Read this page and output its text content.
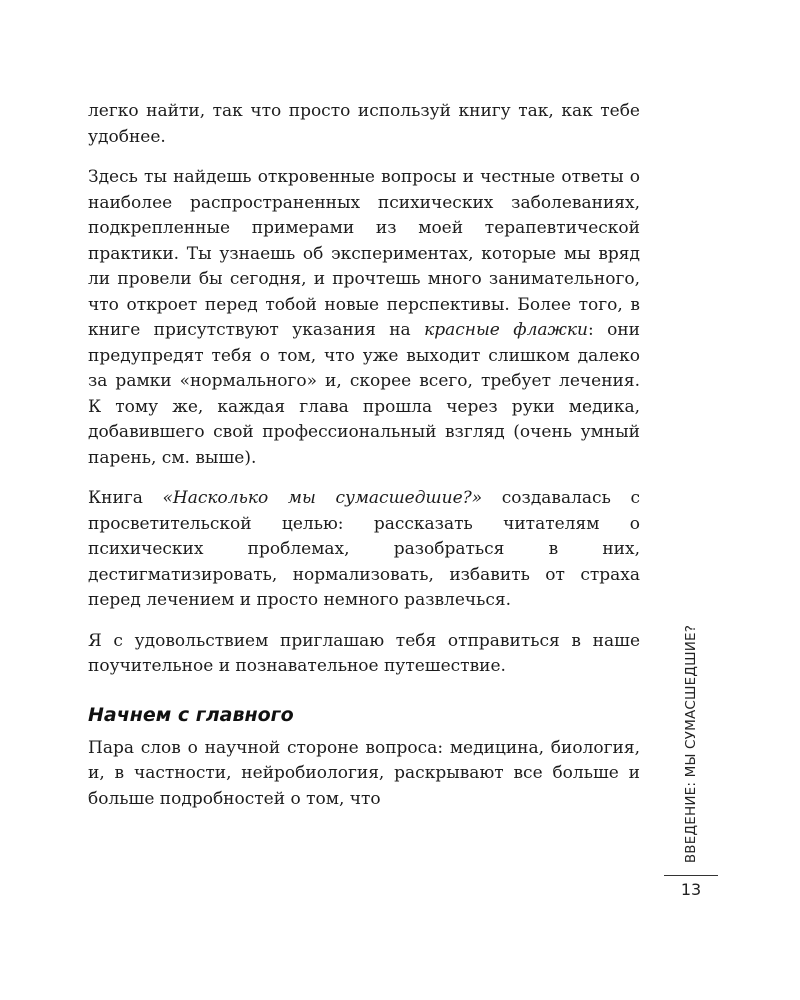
легко найти, так что просто используй книгу так, как тебе удобнее.

Здесь ты найдешь откровенные вопросы и честные ответы о наиболее распространенных психических заболеваниях, подкрепленные примерами из моей терапевтической практики. Ты узнаешь об экспериментах, которые мы вряд ли провели бы сегодня, и прочтешь много занимательного, что откроет перед тобой новые перспективы. Более того, в книге присутствуют указания на красные флажки: они предупредят тебя о том, что уже выходит слишком далеко за рамки «нормального» и, скорее всего, требует лечения. К тому же, каждая глава прошла через руки медика, добавившего свой профессиональный взгляд (очень умный парень, см. выше).

Книга «Насколько мы сумасшедшие?» создавалась с просветительской целью: рассказать читателям о психических проблемах, разобраться в них, дестигматизировать, нормализовать, избавить от страха перед лечением и просто немного развлечься.

Я с удовольствием приглашаю тебя отправиться в наше поучительное и познавательное путешествие.

Начнем с главного

Пара слов о научной стороне вопроса: медицина, биология, и, в частности, нейробиология, раскрывают все больше и больше подробностей о том, что	ВВЕДЕНИЕ: МЫ СУМАСШЕДШИЕ?
13
